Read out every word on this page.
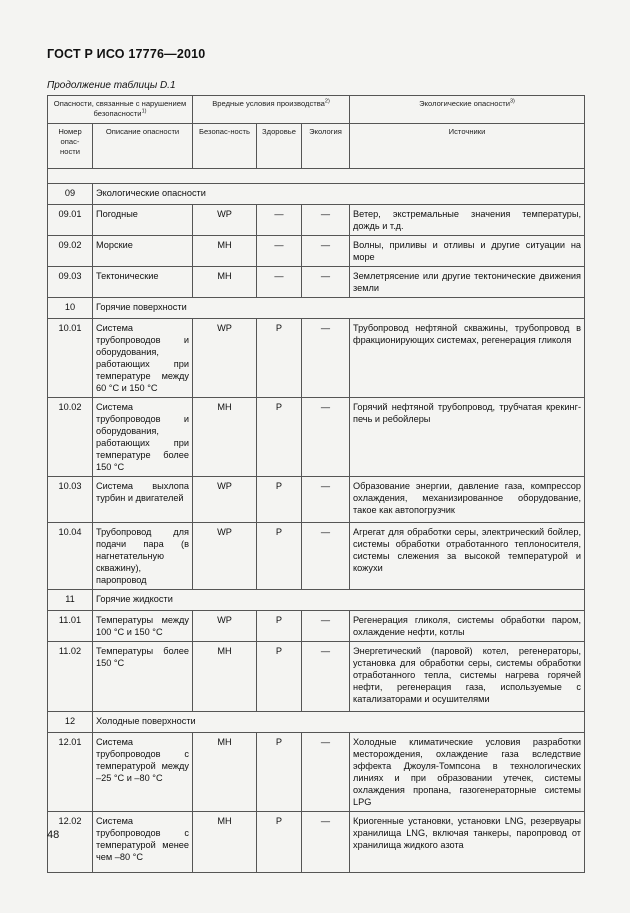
ГОСТ Р ИСО 17776—2010
Продолжение таблицы D.1
Опасности, связанные с нарушением безопасности$^{1)}$		Вредные условия производства$^{2)}$			Экологические опасности$^{3)}$
Номер опас-ности	Описание опасности	Безопас-ность	Здоровье	Экология	Источники

09	Экологические опасности				
09.01	Погодные	WP	—	—	Ветер, экстремальные значения температуры, дождь и т.д.
09.02	Морские	MH	—	—	Волны, приливы и отливы и другие ситуации на море
09.03	Тектонические	MH	—	—	Землетрясение или другие тектонические движения земли
10	Горячие поверхности				
10.01	Система трубопроводов и оборудования, работающих при температуре между 60 °С и 150 °С	WP	P	—	Трубопровод нефтяной скважины, трубопровод в фракционирующих системах, регенерация гликоля
10.02	Система трубопроводов и оборудования, работающих при температуре более 150 °С	MH	P	—	Горячий нефтяной трубопровод, трубчатая крекинг-печь и ребойлеры
10.03	Система выхлопа турбин и двигателей	WP	P	—	Образование энергии, давление газа, компрессор охлаждения, механизированное оборудование, такое как автопогрузчик
10.04	Трубопровод для подачи пара (в нагнетательную скважину), паропровод	WP	P	—	Агрегат для обработки серы, электрический бойлер, системы обработки отработанного теплоносителя, системы слежения за высокой температурой и кожухи
11	Горячие жидкости				
11.01	Температуры между 100 °С и 150 °С	WP	P	—	Регенерация гликоля, системы обработки паром, охлаждение нефти, котлы
11.02	Температуры более 150 °С	MH	P	—	Энергетический (паровой) котел, регенераторы, установка для обработки серы, системы обработки отработанного тепла, системы нагрева горячей нефти, регенерация газа, используемые с катализаторами и осушителями
12	Холодные поверхности				
12.01	Система трубопроводов с температурой между –25 °С и –80 °С	MH	P	—	Холодные климатические условия разработки месторождения, охлаждение газа вследствие эффекта Джоуля-Томпсона в технологических линиях и при образовании утечек, системы охлаждения пропана, газогенераторные системы LPG
12.02	Система трубопроводов с температурой менее чем –80 °С	MH	P	—	Криогенные установки, установки LNG, резервуары хранилища LNG, включая танкеры, паропровод от хранилища жидкого азота
48
